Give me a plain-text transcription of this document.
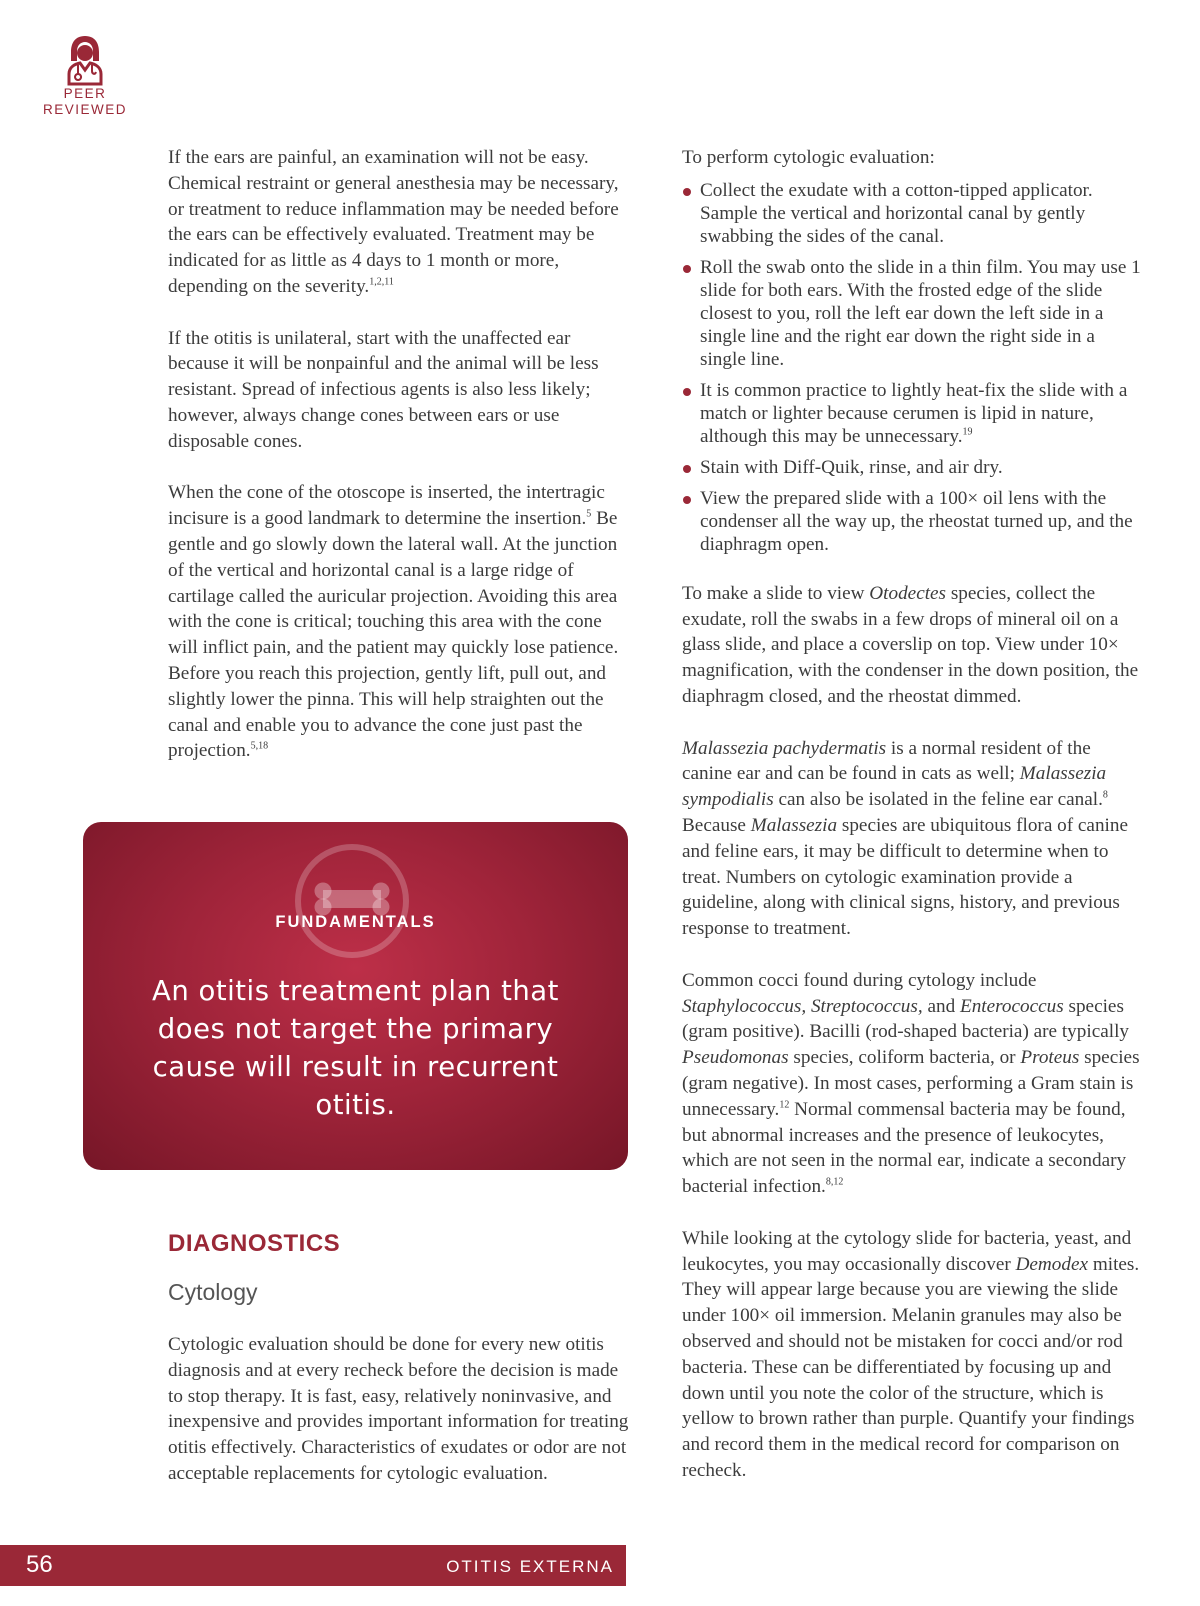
PEER
REVIEWED

If the ears are painful, an examination will not be easy. Chemical restraint or general anesthesia may be necessary, or treatment to reduce inflammation may be needed before the ears can be effectively evaluated. Treatment may be indicated for as little as 4 days to 1 month or more, depending on the severity.$^{1,2,11}$

If the otitis is unilateral, start with the unaffected ear because it will be nonpainful and the animal will be less resistant. Spread of infectious agents is also less likely; however, always change cones between ears or use disposable cones.

When the cone of the otoscope is inserted, the intertragic incisure is a good landmark to determine the insertion.$^5$ Be gentle and go slowly down the lateral wall. At the junction of the vertical and horizontal canal is a large ridge of cartilage called the auricular projection. Avoiding this area with the cone is critical; touching this area with the cone will inflict pain, and the patient may quickly lose patience. Before you reach this projection, gently lift, pull out, and slightly lower the pinna. This will help straighten out the canal and enable you to advance the cone just past the projection.$^{5,18}$

FUNDAMENTALS
An otitis treatment plan that does not target the primary cause will result in recurrent otitis.
DIAGNOSTICS
Cytology

Cytologic evaluation should be done for every new otitis diagnosis and at every recheck before the decision is made to stop therapy. It is fast, easy, relatively noninvasive, and inexpensive and provides important information for treating otitis effectively. Characteristics of exudates or odor are not acceptable replacements for cytologic evaluation.

To perform cytologic evaluation:

Collect the exudate with a cotton-tipped applicator. Sample the vertical and horizontal canal by gently swabbing the sides of the canal.
Roll the swab onto the slide in a thin film. You may use 1 slide for both ears. With the frosted edge of the slide closest to you, roll the left ear down the left side in a single line and the right ear down the right side in a single line.
It is common practice to lightly heat-fix the slide with a match or lighter because cerumen is lipid in nature, although this may be unnecessary.$^{19}$
Stain with Diff-Quik, rinse, and air dry.
View the prepared slide with a 100× oil lens with the condenser all the way up, the rheostat turned up, and the diaphragm open.

To make a slide to view Otodectes species, collect the exudate, roll the swabs in a few drops of mineral oil on a glass slide, and place a coverslip on top. View under 10× magnification, with the condenser in the down position, the diaphragm closed, and the rheostat dimmed.

Malassezia pachydermatis is a normal resident of the canine ear and can be found in cats as well; Malassezia sympodialis can also be isolated in the feline ear canal.$^8$ Because Malassezia species are ubiquitous flora of canine and feline ears, it may be difficult to determine when to treat. Numbers on cytologic examination provide a guideline, along with clinical signs, history, and previous response to treatment.

Common cocci found during cytology include Staphylococcus, Streptococcus, and Enterococcus species (gram positive). Bacilli (rod-shaped bacteria) are typically Pseudomonas species, coliform bacteria, or Proteus species (gram negative). In most cases, performing a Gram stain is unnecessary.$^{12}$ Normal commensal bacteria may be found, but abnormal increases and the presence of leukocytes, which are not seen in the normal ear, indicate a secondary bacterial infection.$^{8,12}$

While looking at the cytology slide for bacteria, yeast, and leukocytes, you may occasionally discover Demodex mites. They will appear large because you are viewing the slide under 100× oil immersion. Melanin granules may also be observed and should not be mistaken for cocci and/or rod bacteria. These can be differentiated by focusing up and down until you note the color of the structure, which is yellow to brown rather than purple. Quantify your findings and record them in the medical record for comparison on recheck.

56	OTITIS EXTERNA
